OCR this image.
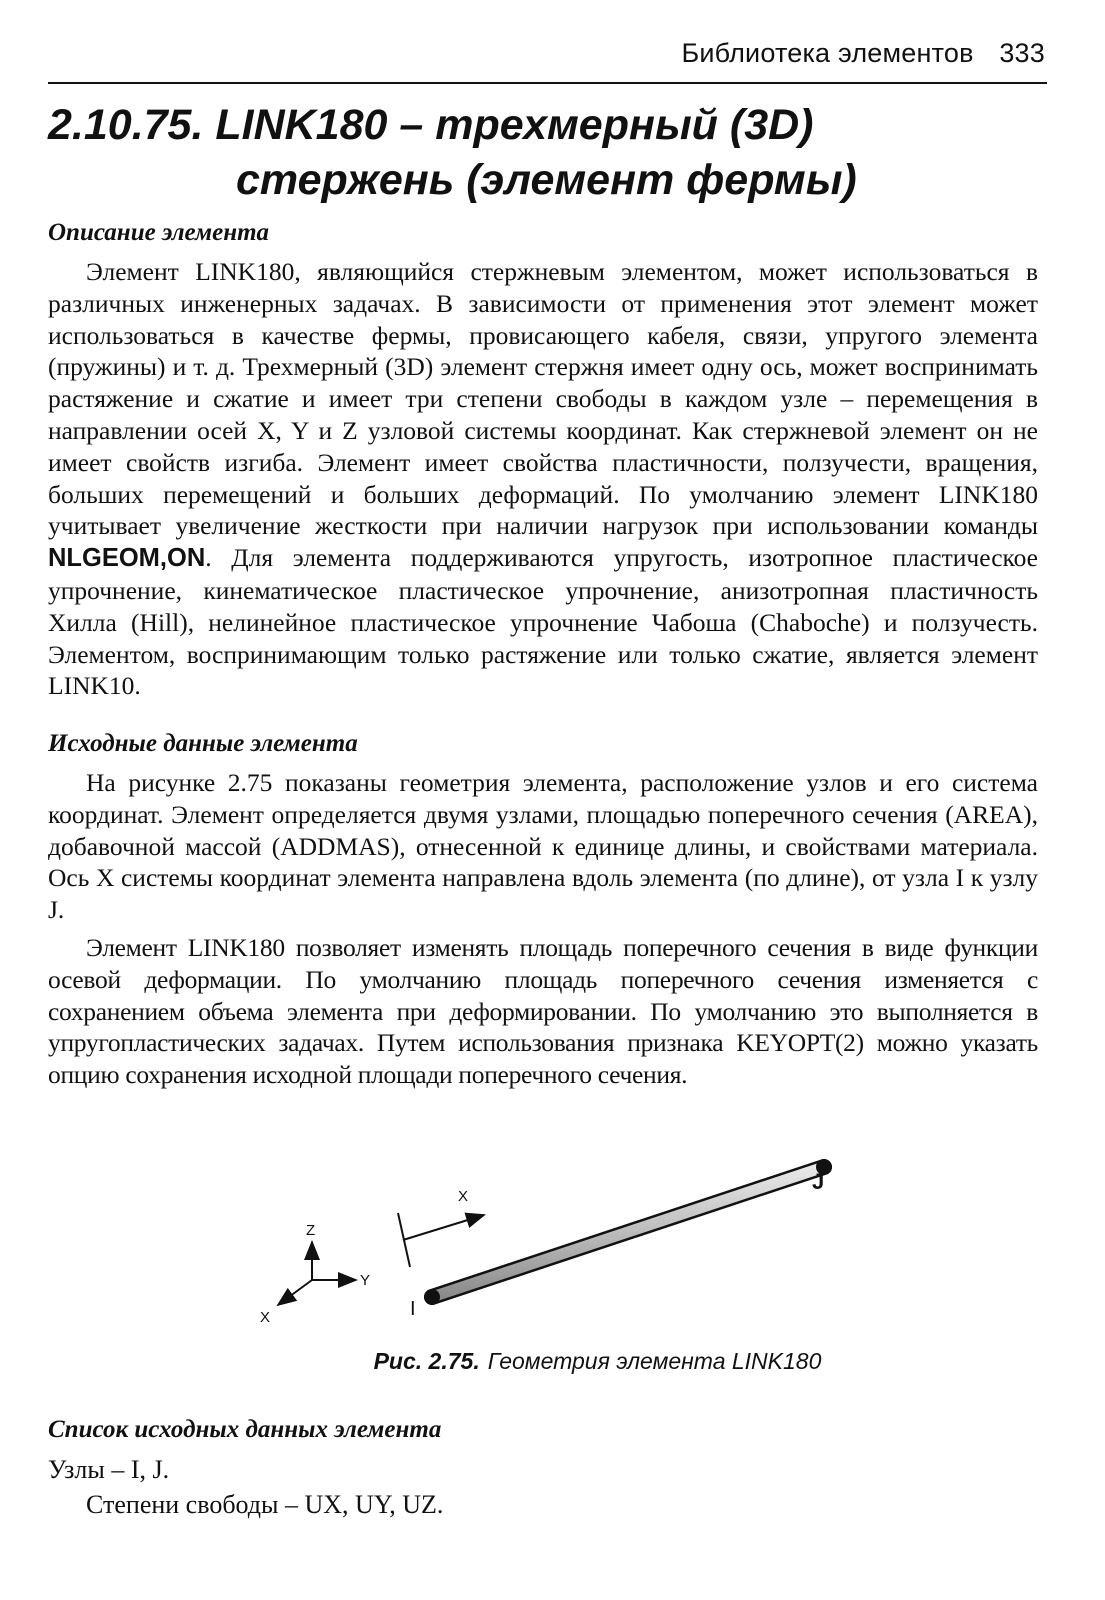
Библиотека элементов 333
2.10.75. LINK180 – трехмерный (3D)
стержень (элемент фермы)
Описание элемента
Элемент LINK180, являющийся стержневым элементом, может использоваться в различных инженерных задачах. В зависимости от применения этот элемент может использоваться в качестве фермы, провисающего кабеля, связи, упругого элемента (пружины) и т. д. Трехмерный (3D) элемент стержня имеет одну ось, может воспринимать растяжение и сжатие и имеет три степени свободы в каждом узле – перемещения в направлении осей X, Y и Z узловой системы координат. Как стержневой элемент он не имеет свойств изгиба. Элемент имеет свойства пластичности, ползучести, вращения, больших перемещений и больших деформаций. По умолчанию элемент LINK180 учитывает увеличение жесткости при наличии нагрузок при использовании команды NLGEOM,ON. Для элемента поддерживаются упругость, изотропное пластическое упрочнение, кинематическое пластическое упрочнение, анизотропная пластичность Хилла (Hill), нелинейное пластическое упрочнение Чабоша (Chaboche) и ползучесть. Элементом, воспринимающим только растяжение или только сжатие, является элемент LINK10.
Исходные данные элемента
На рисунке 2.75 показаны геометрия элемента, расположение узлов и его система координат. Элемент определяется двумя узлами, площадью поперечного сечения (AREA), добавочной массой (ADDMAS), отнесенной к единице длины, и свойствами материала. Ось X системы координат элемента направлена вдоль элемента (по длине), от узла I к узлу J.
Элемент LINK180 позволяет изменять площадь поперечного сечения в виде функции осевой деформации. По умолчанию площадь поперечного сечения изменяется с сохранением объема элемента при деформировании. По умолчанию это выполняется в упругопластических задачах. Путем использования признака KEYOPT(2) можно указать опцию сохранения исходной площади поперечного сечения.
Z
Y
X
X
I
J
Рис. 2.75. Геометрия элемента LINK180
Список исходных данных элемента
Узлы – I, J.
Степени свободы – UX, UY, UZ.
